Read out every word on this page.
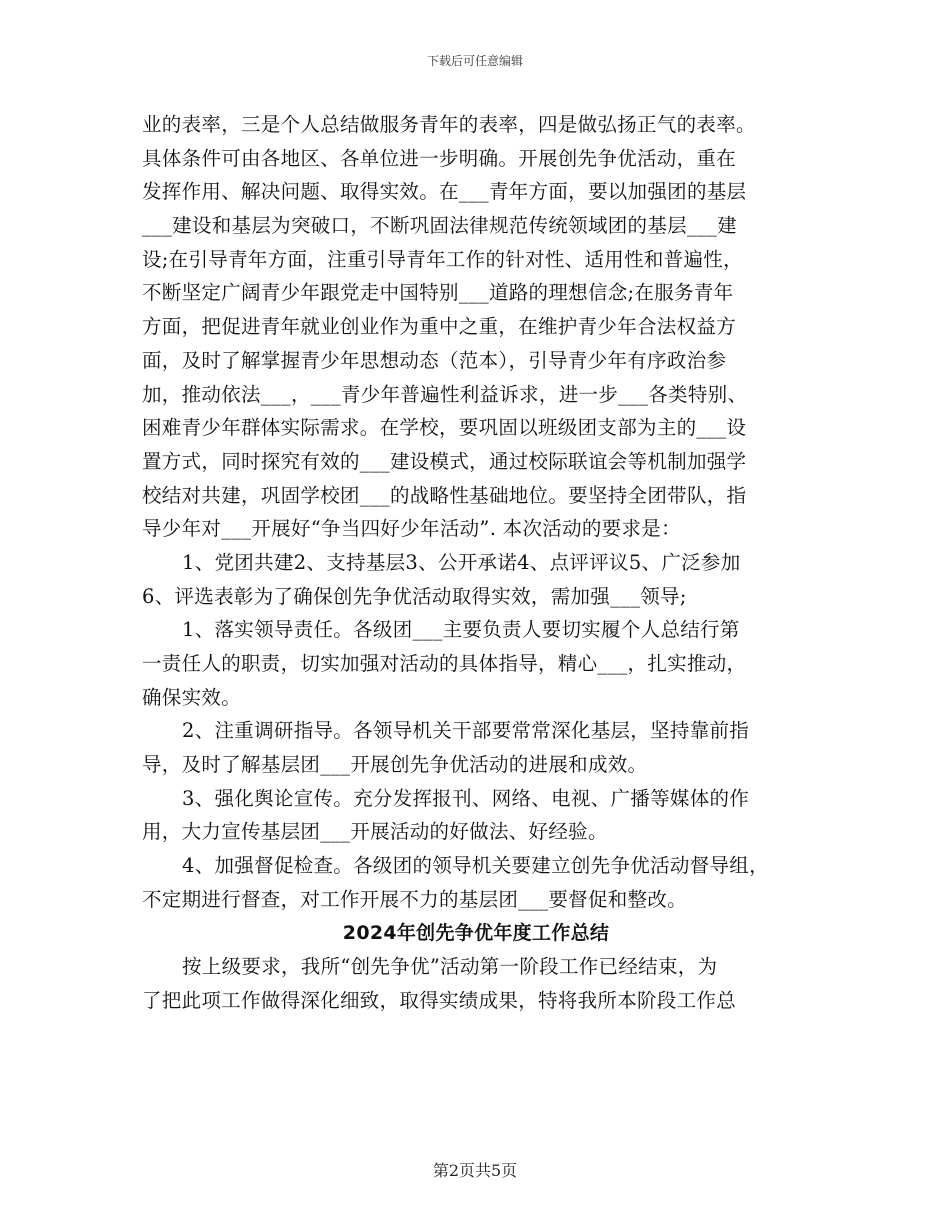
下载后可任意编辑
业的表率，三是个人总结做服务青年的表率，四是做弘扬正气的表率。
具体条件可由各地区、各单位进一步明确。开展创先争优活动，重在
发挥作用、解决问题、取得实效。在___青年方面，要以加强团的基层
___建设和基层为突破口，不断巩固法律规范传统领域团的基层___建
设;在引导青年方面，注重引导青年工作的针对性、适用性和普遍性，
不断坚定广阔青少年跟党走中国特别___道路的理想信念;在服务青年
方面，把促进青年就业创业作为重中之重，在维护青少年合法权益方
面，及时了解掌握青少年思想动态（范本），引导青少年有序政治参
加，推动依法___，___青少年普遍性利益诉求，进一步___各类特别、
困难青少年群体实际需求。在学校，要巩固以班级团支部为主的___设
置方式，同时探究有效的___建设模式，通过校际联谊会等机制加强学
校结对共建，巩固学校团___的战略性基础地位。要坚持全团带队，指
导少年对___开展好“争当四好少年活动”. 本次活动的要求是：
1、党团共建2、支持基层3、公开承诺4、点评评议5、广泛参加
6、评选表彰为了确保创先争优活动取得实效，需加强___领导;
1、落实领导责任。各级团___主要负责人要切实履个人总结行第
一责任人的职责，切实加强对活动的具体指导，精心___，扎实推动，
确保实效。
2、注重调研指导。各领导机关干部要常常深化基层，坚持靠前指
导，及时了解基层团___开展创先争优活动的进展和成效。
3、强化舆论宣传。充分发挥报刊、网络、电视、广播等媒体的作
用，大力宣传基层团___开展活动的好做法、好经验。
4、加强督促检查。各级团的领导机关要建立创先争优活动督导组，
不定期进行督查，对工作开展不力的基层团___要督促和整改。
2024年创先争优年度工作总结
按上级要求，我所“创先争优”活动第一阶段工作已经结束，为
了把此项工作做得深化细致，取得实绩成果，特将我所本阶段工作总
第2页共5页
